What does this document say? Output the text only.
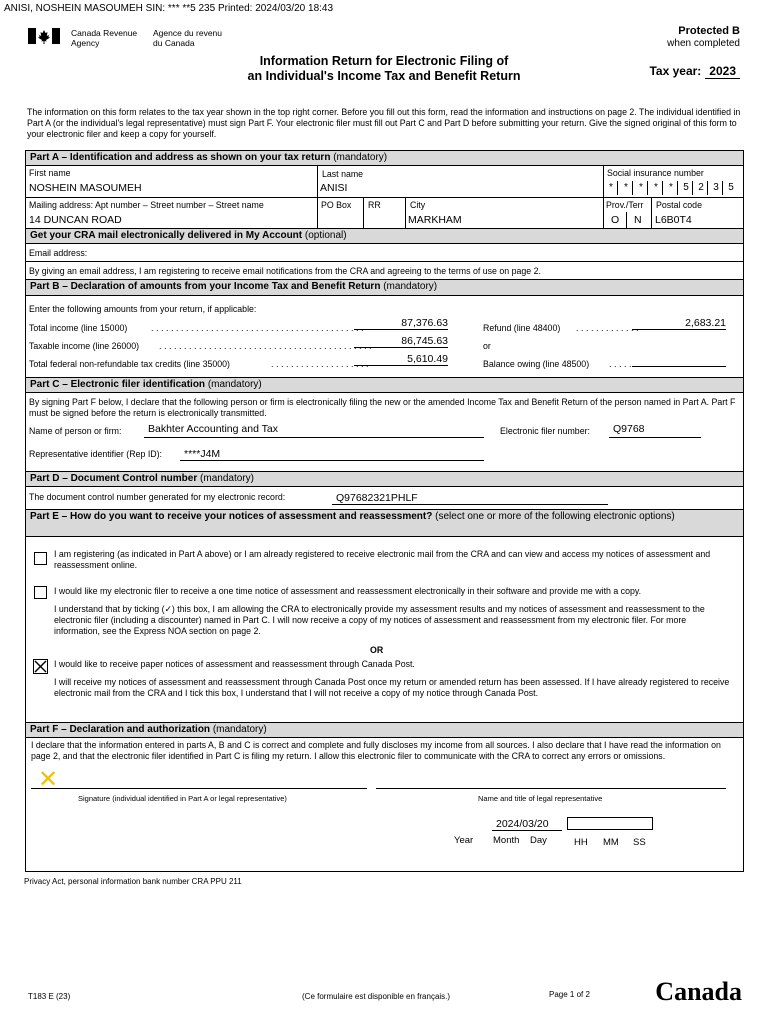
ANISI, NOSHEIN MASOUMEH SIN: *** **5 235 Printed: 2024/03/20 18:43
Canada Revenue
Agency
Agence du revenu
du Canada
Protected B
when completed
Information Return for Electronic Filing of
an Individual's Income Tax and Benefit Return	Tax year: 2023
The information on this form relates to the tax year shown in the top right corner. Before you fill out this form, read the information and instructions on page 2. The individual identified in Part A (or the individual's legal representative) must sign Part F. Your electronic filer must fill out Part C and Part D before submitting your return. Give the signed original of this form to your electronic filer and keep a copy for yourself.
Part A – Identification and address as shown on your tax return (mandatory)
First name
NOSHEIN MASOUMEH
Last name
ANISI
Social insurance number
*	*	*	*	*	5 2 3 5
Mailing address: Apt number – Street number – Street name
14 DUNCAN ROAD
PO Box RR	City
MARKHAM
Prov./Terr
O N
Postal code
L6B0T4
Get your CRA mail electronically delivered in My Account (optional)
Email address:
By giving an email address, I am registering to receive email notifications from the CRA and agreeing to the terms of use on page 2.
Part B – Declaration of amounts from your Income Tax and Benefit Return (mandatory)
Enter the following amounts from your return, if applicable:
Total income (line 15000)	. . . . . . . . . . . . . . . . . . . . . . . . . . . . . . . . . . . . . . . . . . .	87,376.63
Taxable income (line 26000) . . . . . . . . . . . . . . . . . . . . . . . . . . . . . . . . . . . . . . . . . . .	86,745.63
Total federal non-refundable tax credits (line 35000)	. . . . . . . . . . . . . . . . . . . .	5,610.49
Refund (line 48400) . . . . . . . . . . . . .	2,683.21
or
Balance owing (line 48500) . . . . .
Part C – Electronic filer identification (mandatory)
By signing Part F below, I declare that the following person or firm is electronically filing the new or the amended Income Tax and Benefit Return of the person named in Part A. Part F must be signed before the return is electronically transmitted.
Name of person or firm:	Bakhter Accounting and Tax	Electronic filer number: Q9768
Representative identifier (Rep ID): ****J4M
Part D – Document Control number (mandatory)
The document control number generated for my electronic record:	Q97682321PHLF
Part E – How do you want to receive your notices of assessment and reassessment? (select one or more of the following electronic options)
I am registering (as indicated in Part A above) or I am already registered to receive electronic mail from the CRA and can view and access my notices of assessment and reassessment online.
I would like my electronic filer to receive a one time notice of assessment and reassessment electronically in their software and provide me with a copy.
I understand that by ticking (✓) this box, I am allowing the CRA to electronically provide my assessment results and my notices of assessment and reassessment to the electronic filer (including a discounter) named in Part C. I will now receive a copy of my notices of assessment and reassessment from my electronic filer. For more information, see the Express NOA section on page 2.
OR
I would like to receive paper notices of assessment and reassessment through Canada Post.
I will receive my notices of assessment and reassessment through Canada Post once my return or amended return has been assessed. If I have already registered to receive electronic mail from the CRA and I tick this box, I understand that I will not receive a copy of my notice through Canada Post.
Part F – Declaration and authorization (mandatory)
I declare that the information entered in parts A, B and C is correct and complete and fully discloses my income from all sources. I also declare that I have read the information on page 2, and that the electronic filer identified in Part C is filing my return. I allow this electronic filer to communicate with the CRA to correct any errors or omissions.
✕
Signature (individual identified in Part A or legal representative)	Name and title of legal representative
2024/03/20
Year Month Day	HH MM SS
Privacy Act, personal information bank number CRA PPU 211
T183 E (23)	(Ce formulaire est disponible en français.)	Page 1 of 2	Canada
